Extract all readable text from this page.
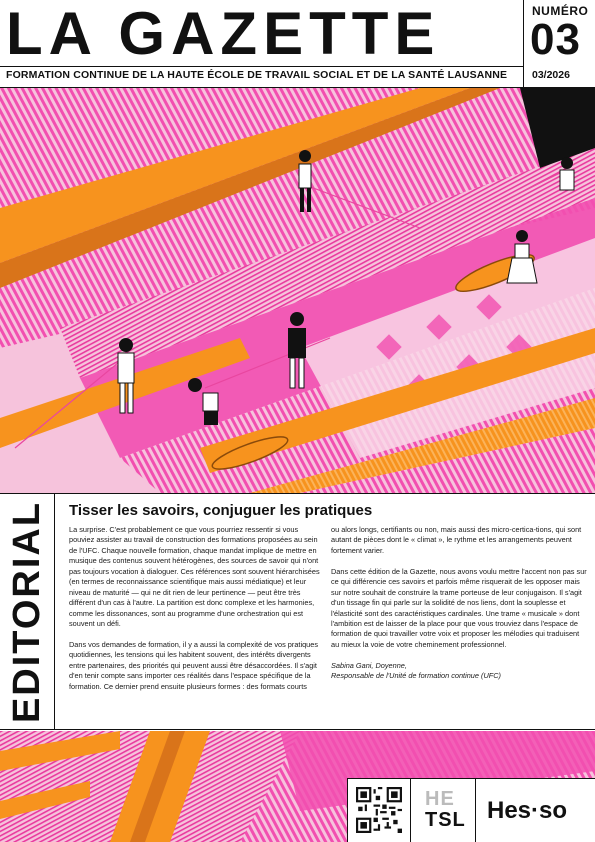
LA GAZETTE
FORMATION CONTINUE DE LA HAUTE ÉCOLE DE TRAVAIL SOCIAL ET DE LA SANTÉ LAUSANNE
NUMÉRO
03
03/2026
EDITORIAL Tisser les savoirs, conjuguer les pratiques

La surprise. C'est probablement ce que vous pourriez ressentir si vous pouviez assister au travail de construction des formations proposées au sein de l'UFC. Chaque nouvelle formation, chaque mandat implique de mettre en musique des contenus souvent hétérogènes, des sources de savoir qui n'ont pas toujours vocation à dialoguer. Ces références sont souvent hiérarchisées (en termes de reconnaissance scientifique mais aussi médiatique) et leur niveau de maturité — qui ne dit rien de leur pertinence — peut être très différent d'un cas à l'autre. La partition est donc complexe et les harmonies, comme les dissonances, sont au programme d'une orchestration qui est souvent un défi.

Dans vos demandes de formation, il y a aussi la complexité de vos pratiques quotidiennes, les tensions qui les habitent souvent, des intérêts divergents entre partenaires, des priorités qui peuvent aussi être désaccordées. Il s'agit d'en tenir compte sans importer ces réalités dans l'espace spécifique de la formation. Ce dernier prend ensuite plusieurs formes : des formats courts

ou alors longs, certifiants ou non, mais aussi des micro-certica-tions, qui sont autant de pièces dont le « climat », le rythme et les arrangements peuvent fortement varier.

Dans cette édition de la Gazette, nous avons voulu mettre l'accent non pas sur ce qui différencie ces savoirs et parfois même risquerait de les opposer mais sur notre souhait de construire la trame porteuse de leur conjugaison. Il s'agit d'un tissage fin qui parle sur la solidité de nos liens, dont la souplesse et l'élasticité sont des caractéristiques cardinales. Une trame « musicale » dont l'ambition est de laisser de la place pour que vous trouviez dans l'espace de formation de quoi travailler votre voix et proposer les mélodies qui traduisent au mieux la voie de votre cheminement professionnel.

Sabina Gani, Doyenne,
Responsable de l'Unité de formation continue (UFC)
HE
TSL Hes·so
